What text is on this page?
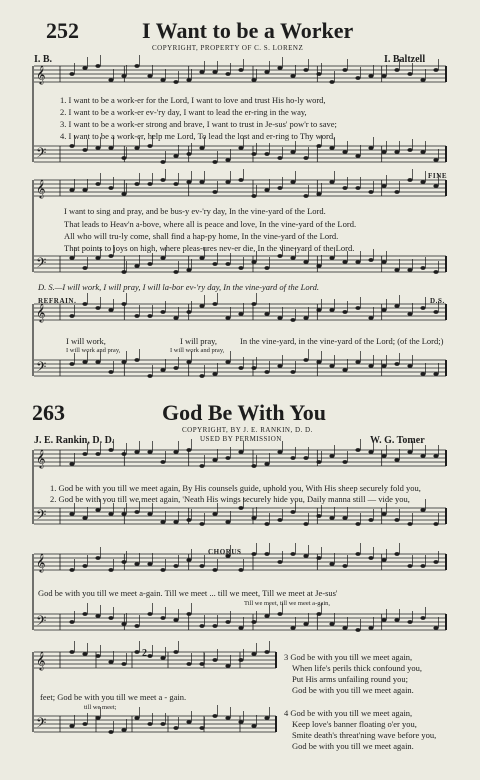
𝄞
𝄢
𝄞
𝄢
𝄞
𝄢
𝄞
𝄢
𝄞
𝄢
𝄞
𝄢
252	I Want to be a Worker
COPYRIGHT, PROPERTY OF C. S. LORENZ
I. B.	I. Baltzell
1. I want to be a work-er for the Lord, I want to love and trust His ho-ly word,
2. I want to be a work-er ev-'ry day, I want to lead the er-ring in the way,
3. I want to be a work-er strong and brave, I want to trust in Je-sus' pow'r to save;
4. I want to be a work-er, help me Lord, To lead the lost and er-ring to Thy word,
FINE
I want to sing and pray, and be bus-y ev-'ry day, In the vine-yard of the Lord.
That leads to Heav'n a-bove, where all is peace and love, In the vine-yard of the Lord.
All who will tru-ly come, shall find a hap-py home, In the vine-yard of the Lord.
That points to joys on high, where pleas-ures nev-er die, In the vine-yard of the Lord.
D. S.—I will work, I will pray, I will la-bor ev-'ry day, In the vine-yard of the Lord.
REFRAIN.	D.S.
I will work,	I will pray,	In the vine-yard, in the vine-yard of the Lord; (of the Lord;)
I will work and pray,	I will work and pray,
263	God Be With You
COPYRIGHT, BY J. E. RANKIN, D. D.
USED BY PERMISSION
J. E. Rankin, D. D.	W. G. Tomer
1. God be with you till we meet again, By His counsels guide, uphold you, With His sheep securely fold you,
2. God be with you till we meet again, 'Neath His wings securely hide you, Daily manna still — vide you,
CHORUS
God be with you till we meet a-gain. Till we meet ... till we meet, Till we meet at Je-sus'
Till we meet, till we meet a-gain,
2
feet; God be with you till we meet a - gain.
till we meet;
3 God be with you till we meet again,
When life's perils thick confound you,
Put His arms unfailing round you;
God be with you till we meet again.
4 God be with you till we meet again,
Keep love's banner floating o'er you,
Smite death's threat'ning wave before you,
God be with you till we meet again.
